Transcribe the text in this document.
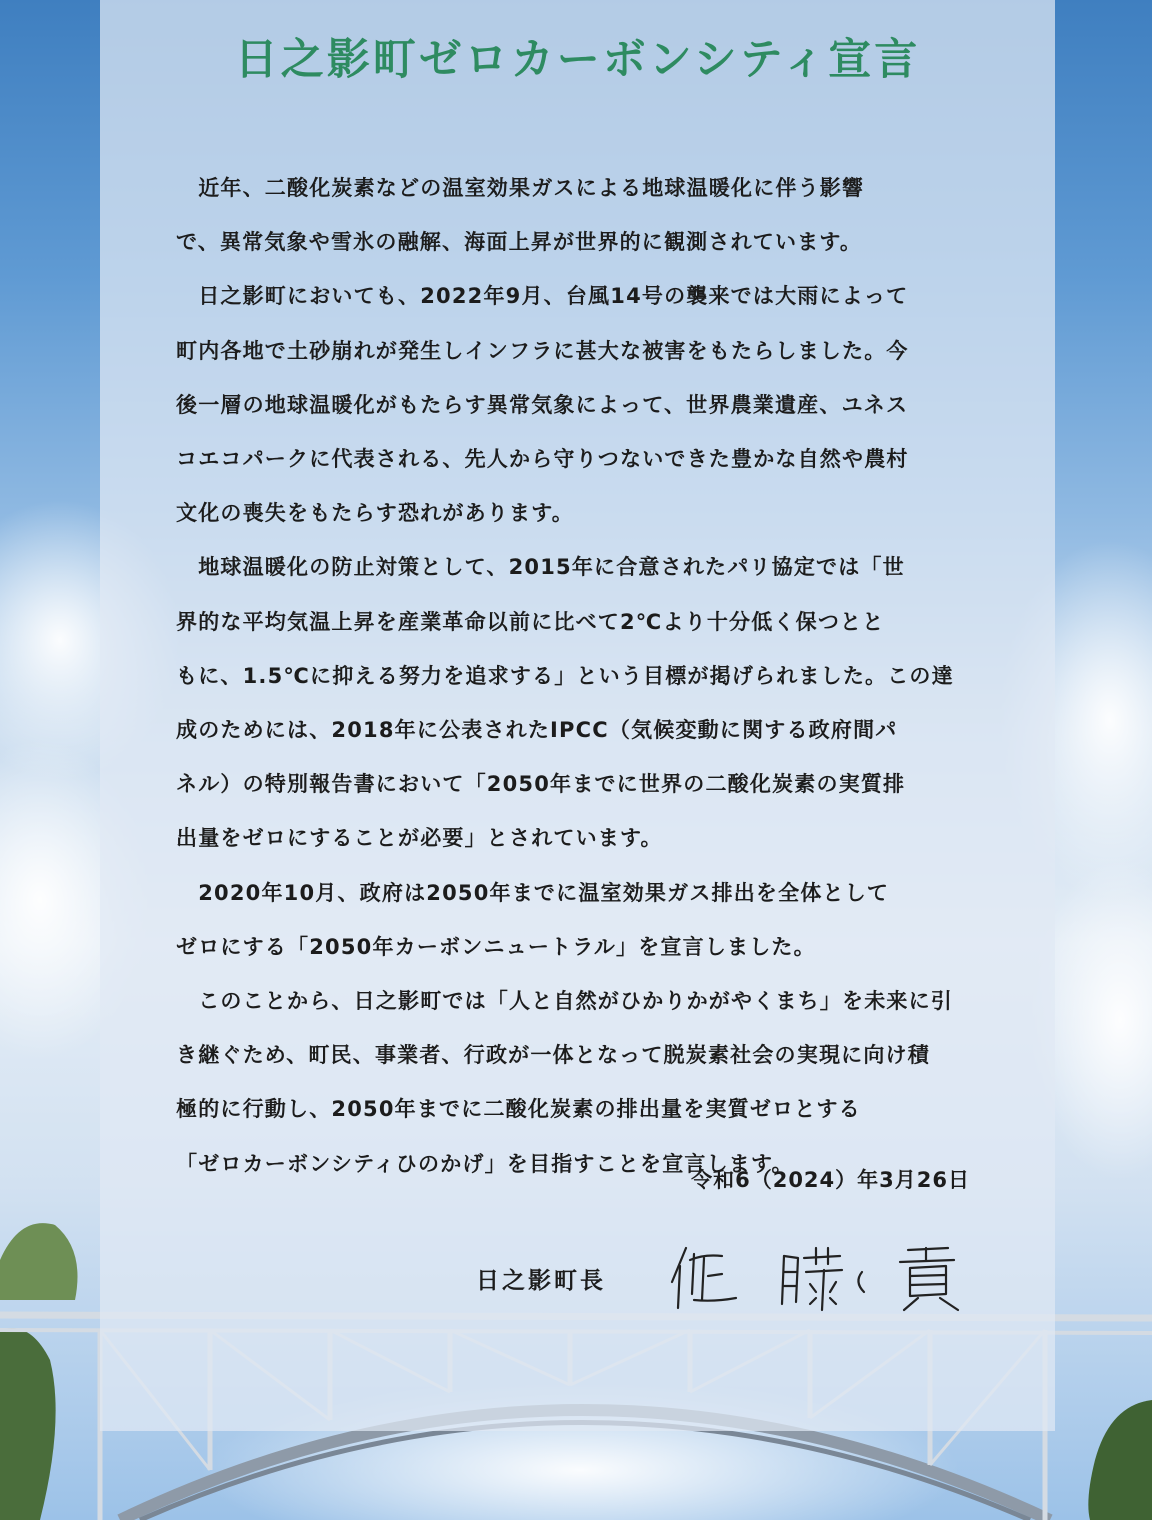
日之影町ゼロカーボンシティ宣言
　近年、二酸化炭素などの温室効果ガスによる地球温暖化に伴う影響
で、異常気象や雪氷の融解、海面上昇が世界的に観測されています。
　日之影町においても、2022年9月、台風14号の襲来では大雨によって
町内各地で土砂崩れが発生しインフラに甚大な被害をもたらしました。今
後一層の地球温暖化がもたらす異常気象によって、世界農業遺産、ユネス
コエコパークに代表される、先人から守りつないできた豊かな自然や農村
文化の喪失をもたらす恐れがあります。
　地球温暖化の防止対策として、2015年に合意されたパリ協定では「世
界的な平均気温上昇を産業革命以前に比べて2℃より十分低く保つとと
もに、1.5℃に抑える努力を追求する」という目標が掲げられました。この達
成のためには、2018年に公表されたIPCC（気候変動に関する政府間パ
ネル）の特別報告書において「2050年までに世界の二酸化炭素の実質排
出量をゼロにすることが必要」とされています。
　2020年10月、政府は2050年までに温室効果ガス排出を全体として
ゼロにする「2050年カーボンニュートラル」を宣言しました。
　このことから、日之影町では「人と自然がひかりかがやくまち」を未来に引
き継ぐため、町民、事業者、行政が一体となって脱炭素社会の実現に向け積
極的に行動し、2050年までに二酸化炭素の排出量を実質ゼロとする
「ゼロカーボンシティひのかげ」を目指すことを宣言します。
令和6（2024）年3月26日
日之影町長
